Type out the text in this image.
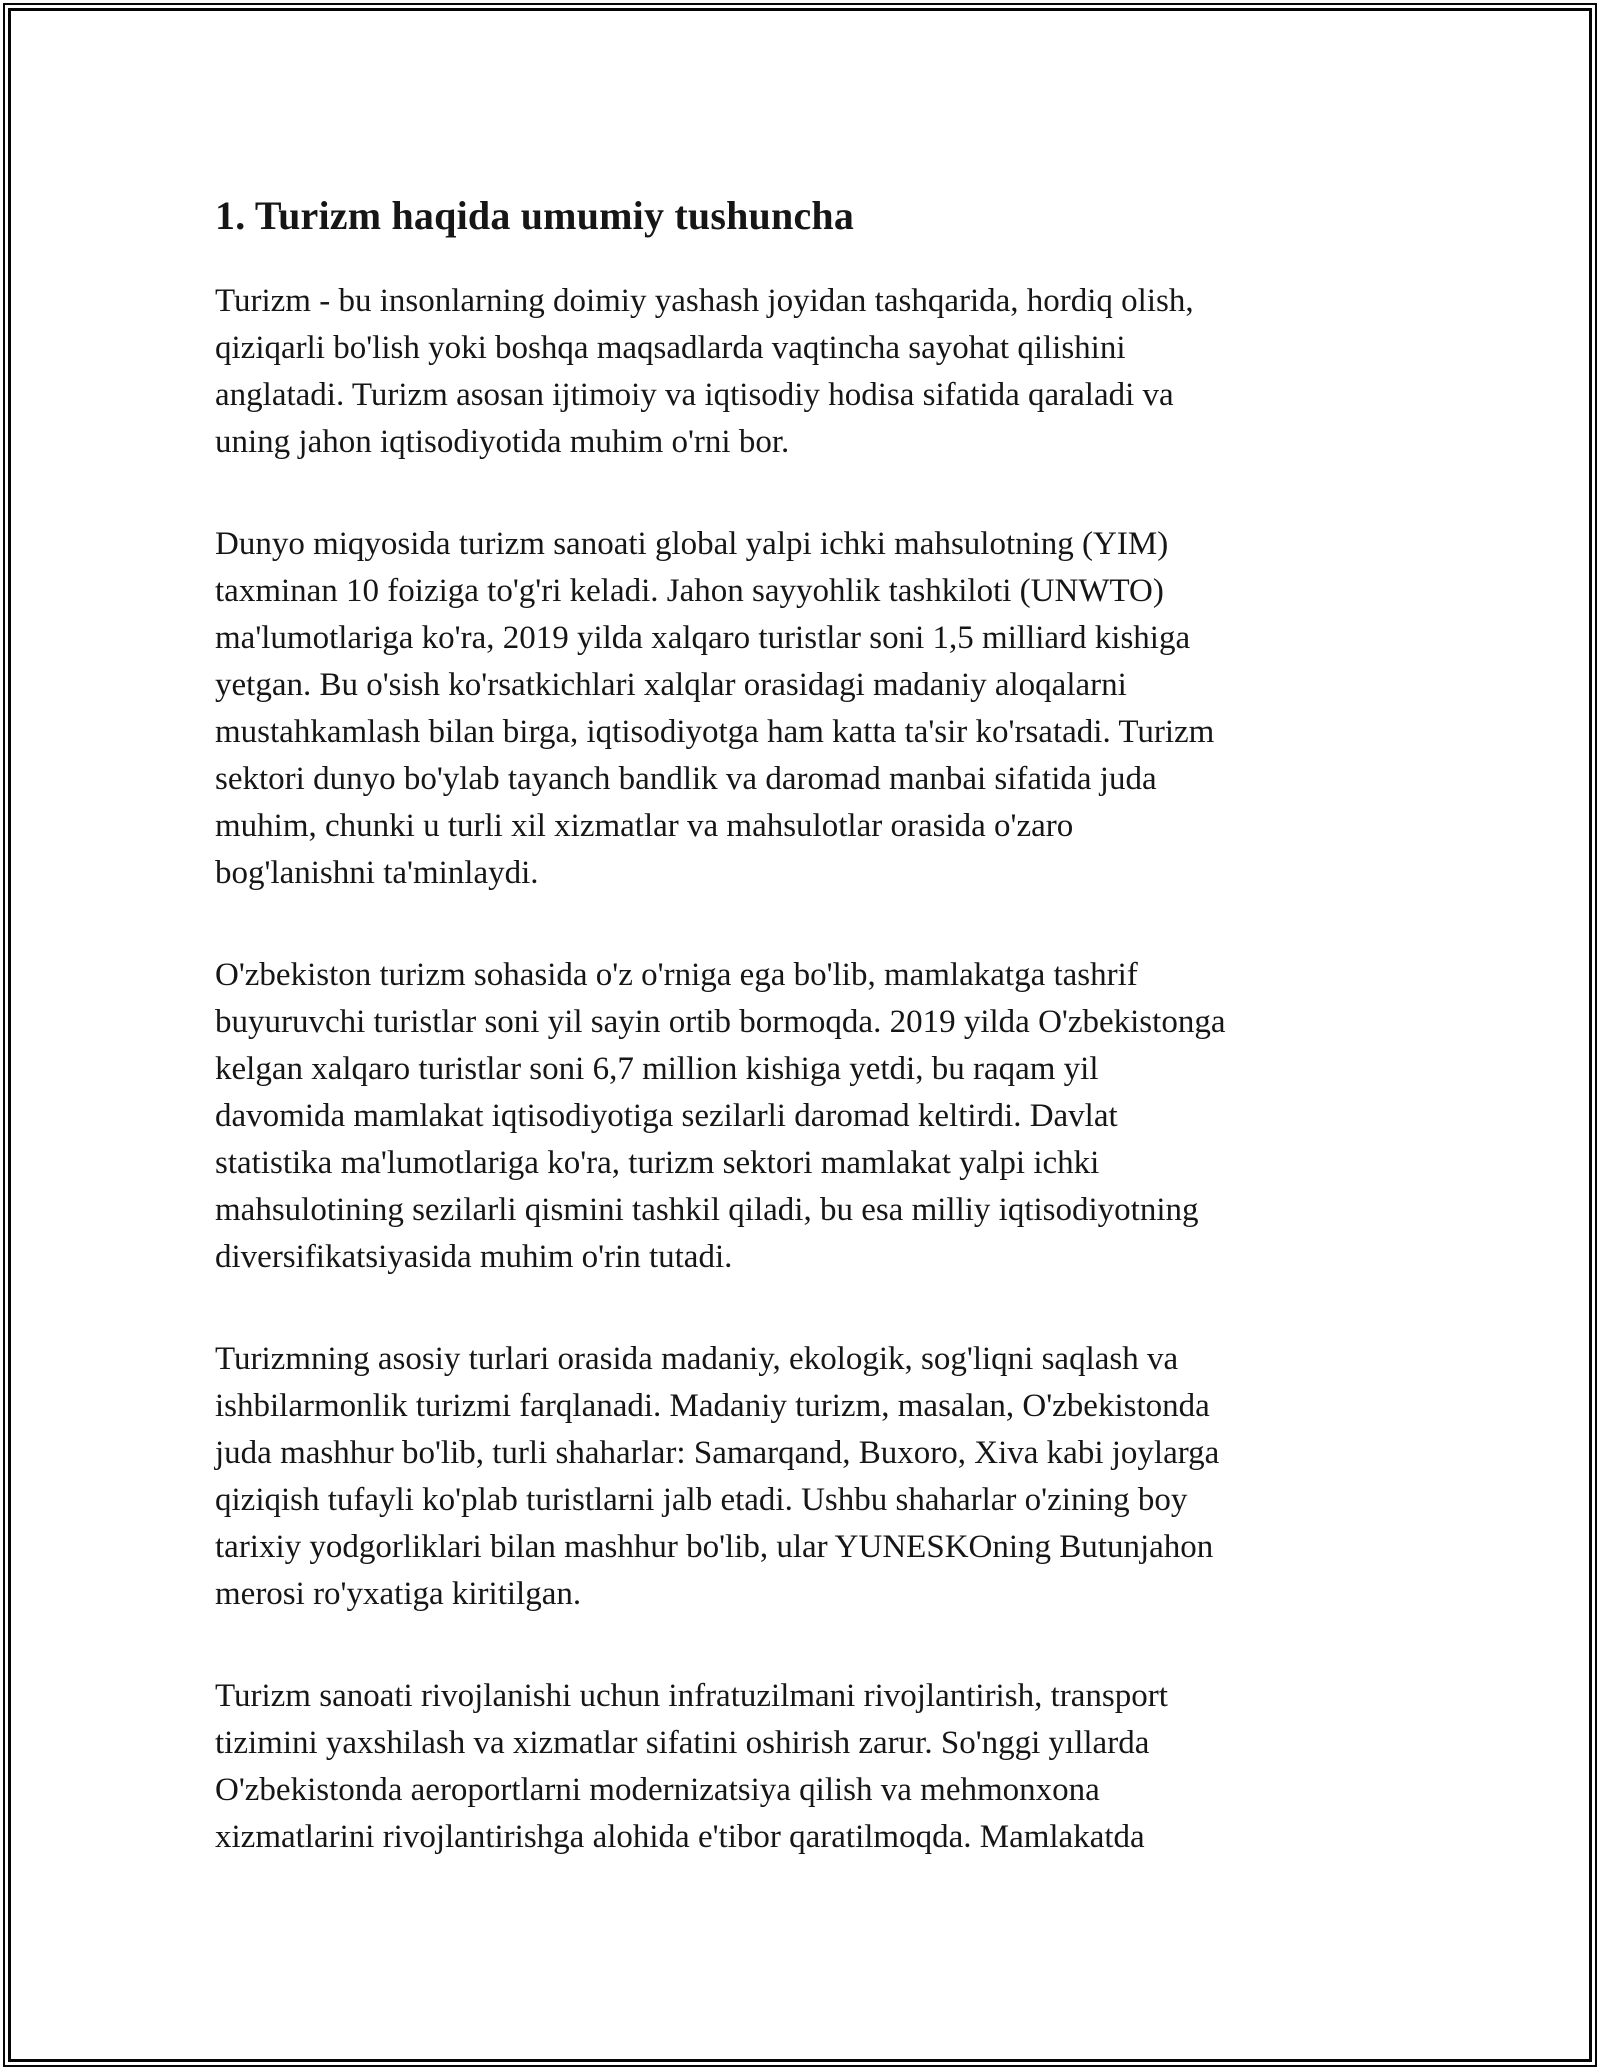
1. Turizm haqida umumiy tushuncha
Turizm - bu insonlarning doimiy yashash joyidan tashqarida, hordiq olish,
qiziqarli bo'lish yoki boshqa maqsadlarda vaqtincha sayohat qilishini
anglatadi. Turizm asosan ijtimoiy va iqtisodiy hodisa sifatida qaraladi va
uning jahon iqtisodiyotida muhim o'rni bor.
Dunyo miqyosida turizm sanoati global yalpi ichki mahsulotning (YIM)
taxminan 10 foiziga to'g'ri keladi. Jahon sayyohlik tashkiloti (UNWTO)
ma'lumotlariga ko'ra, 2019 yilda xalqaro turistlar soni 1,5 milliard kishiga
yetgan. Bu o'sish ko'rsatkichlari xalqlar orasidagi madaniy aloqalarni
mustahkamlash bilan birga, iqtisodiyotga ham katta ta'sir ko'rsatadi. Turizm
sektori dunyo bo'ylab tayanch bandlik va daromad manbai sifatida juda
muhim, chunki u turli xil xizmatlar va mahsulotlar orasida o'zaro
bog'lanishni ta'minlaydi.
O'zbekiston turizm sohasida o'z o'rniga ega bo'lib, mamlakatga tashrif
buyuruvchi turistlar soni yil sayin ortib bormoqda. 2019 yilda O'zbekistonga
kelgan xalqaro turistlar soni 6,7 million kishiga yetdi, bu raqam yil
davomida mamlakat iqtisodiyotiga sezilarli daromad keltirdi. Davlat
statistika ma'lumotlariga ko'ra, turizm sektori mamlakat yalpi ichki
mahsulotining sezilarli qismini tashkil qiladi, bu esa milliy iqtisodiyotning
diversifikatsiyasida muhim o'rin tutadi.
Turizmning asosiy turlari orasida madaniy, ekologik, sog'liqni saqlash va
ishbilarmonlik turizmi farqlanadi. Madaniy turizm, masalan, O'zbekistonda
juda mashhur bo'lib, turli shaharlar: Samarqand, Buxoro, Xiva kabi joylarga
qiziqish tufayli ko'plab turistlarni jalb etadi. Ushbu shaharlar o'zining boy
tarixiy yodgorliklari bilan mashhur bo'lib, ular YUNESKOning Butunjahon
merosi ro'yxatiga kiritilgan.
Turizm sanoati rivojlanishi uchun infratuzilmani rivojlantirish, transport
tizimini yaxshilash va xizmatlar sifatini oshirish zarur. So'nggi yıllarda
O'zbekistonda aeroportlarni modernizatsiya qilish va mehmonxona
xizmatlarini rivojlantirishga alohida e'tibor qaratilmoqda. Mamlakatda
